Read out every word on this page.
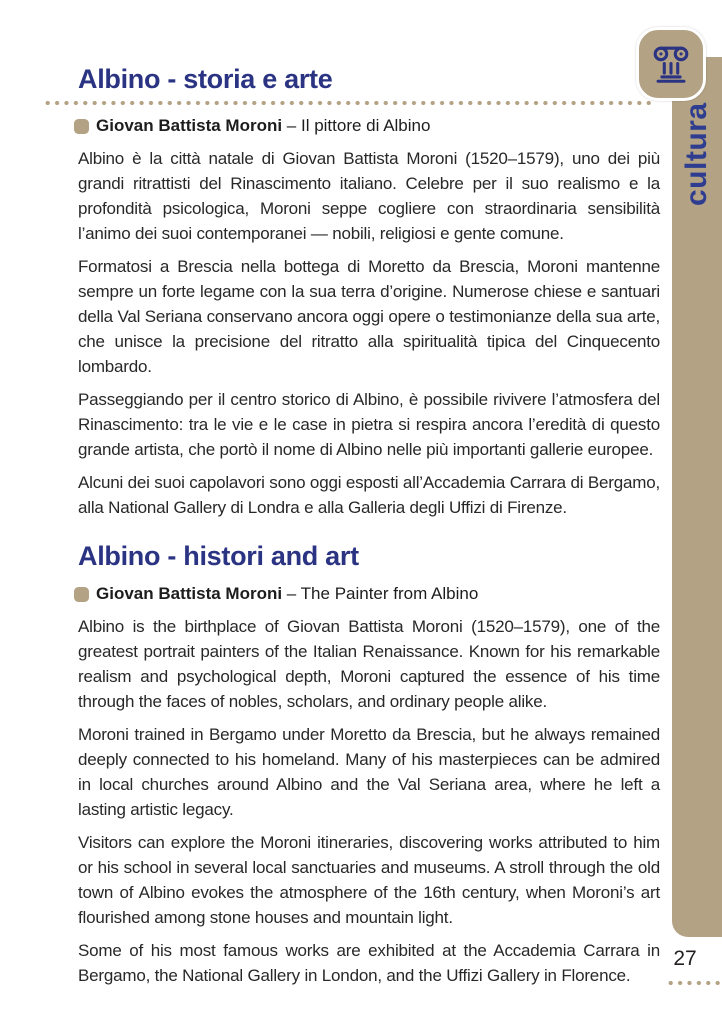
Albino - storia e arte
Giovan Battista Moroni – Il pittore di Albino

Albino è la città natale di Giovan Battista Moroni (1520–1579), uno dei più grandi ritrattisti del Rinascimento italiano. Celebre per il suo realismo e la profondità psicologica, Moroni seppe cogliere con straordinaria sensibilità l’animo dei suoi contemporanei — nobili, religiosi e gente comune.

Formatosi a Brescia nella bottega di Moretto da Brescia, Moroni mantenne sempre un forte legame con la sua terra d’origine. Numerose chiese e santuari della Val Seriana conservano ancora oggi opere o testimonianze della sua arte, che unisce la precisione del ritratto alla spiritualità tipica del Cinquecento lombardo.

Passeggiando per il centro storico di Albino, è possibile rivivere l’atmosfera del Rinascimento: tra le vie e le case in pietra si respira ancora l’eredità di questo grande artista, che portò il nome di Albino nelle più importanti gallerie europee.

Alcuni dei suoi capolavori sono oggi esposti all’Accademia Carrara di Bergamo, alla National Gallery di Londra e alla Galleria degli Uffizi di Firenze.

Albino - histori and art
Giovan Battista Moroni – The Painter from Albino

Albino is the birthplace of Giovan Battista Moroni (1520–1579), one of the greatest portrait painters of the Italian Renaissance. Known for his remarkable realism and psychological depth, Moroni captured the essence of his time through the faces of nobles, scholars, and ordinary people alike.

Moroni trained in Bergamo under Moretto da Brescia, but he always remained deeply connected to his homeland. Many of his masterpieces can be admired in local churches around Albino and the Val Seriana area, where he left a lasting artistic legacy.

Visitors can explore the Moroni itineraries, discovering works attributed to him or his school in several local sanctuaries and museums. A stroll through the old town of Albino evokes the atmosphere of the 16th century, when Moroni’s art flourished among stone houses and mountain light.

Some of his most famous works are exhibited at the Accademia Carrara in Bergamo, the National Gallery in London, and the Uffizi Gallery in Florence.

cultura
27
